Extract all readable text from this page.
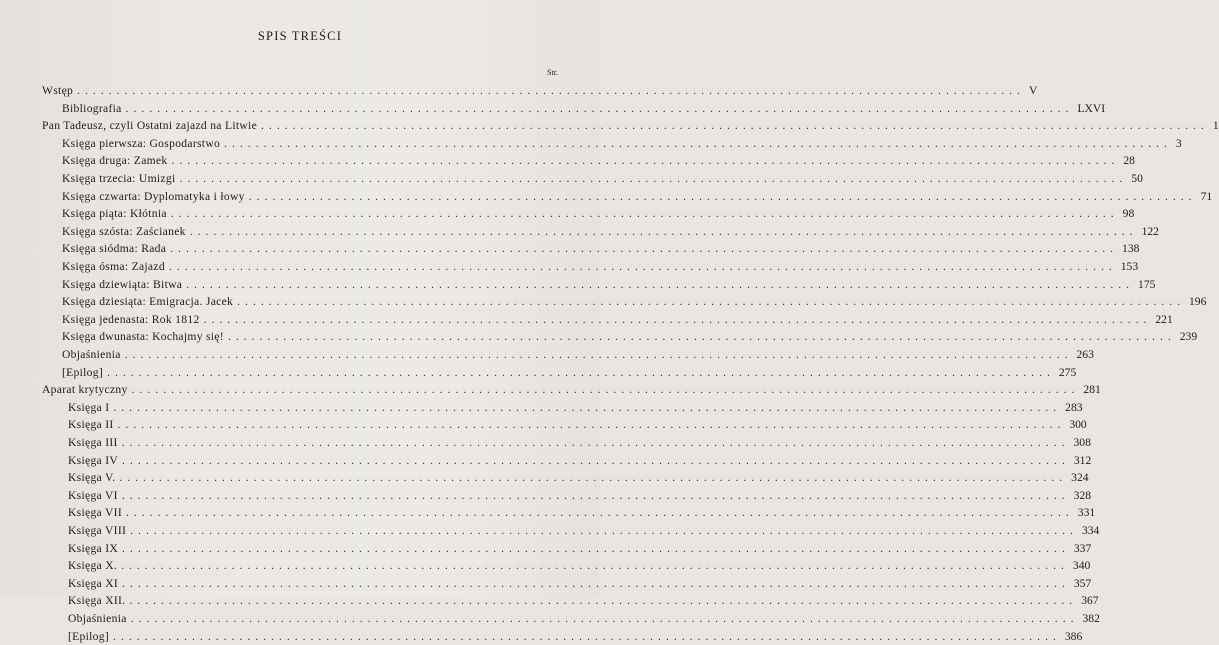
SPIS TREŚCI
Str.
Wstęp ........................................................................................................................ V
Bibliografia ........................................................................................................................ LXVI
Pan Tadeusz, czyli Ostatni zajazd na Litwie ........................................................................................................................ 1
Księga pierwsza: Gospodarstwo ........................................................................................................................ 3
Księga druga: Zamek ........................................................................................................................ 28
Księga trzecia: Umizgi ........................................................................................................................ 50
Księga czwarta: Dyplomatyka i łowy ........................................................................................................................ 71
Księga piąta: Kłótnia ........................................................................................................................ 98
Księga szósta: Zaścianek ........................................................................................................................ 122
Księga siódma: Rada ........................................................................................................................ 138
Księga ósma: Zajazd ........................................................................................................................ 153
Księga dziewiąta: Bitwa ........................................................................................................................ 175
Księga dziesiąta: Emigracja. Jacek ........................................................................................................................ 196
Księga jedenasta: Rok 1812 ........................................................................................................................ 221
Księga dwunasta: Kochajmy się! ........................................................................................................................ 239
Objaśnienia ........................................................................................................................ 263
[Epilog] ........................................................................................................................ 275
Aparat krytyczny ........................................................................................................................ 281
Księga I ........................................................................................................................ 283
Księga II ........................................................................................................................ 300
Księga III ........................................................................................................................ 308
Księga IV ........................................................................................................................ 312
Księga V. ........................................................................................................................ 324
Księga VI ........................................................................................................................ 328
Księga VII ........................................................................................................................ 331
Księga VIII ........................................................................................................................ 334
Księga IX ........................................................................................................................ 337
Księga X. ........................................................................................................................ 340
Księga XI ........................................................................................................................ 357
Księga XII. ........................................................................................................................ 367
Objaśnienia ........................................................................................................................ 382
[Epilog] ........................................................................................................................ 386
